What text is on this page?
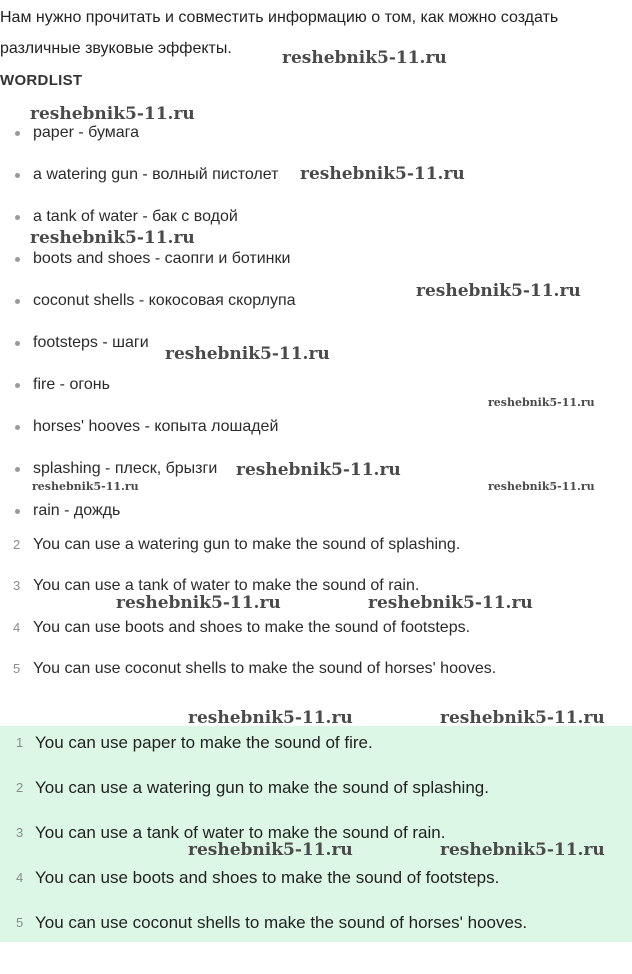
Нам нужно прочитать и совместить информацию о том, как можно создать различные звуковые эффекты.
WORDLIST
paper - бумага
a watering gun - волный пистолет
a tank of water - бак с водой
boots and shoes - саопги и ботинки
coconut shells - кокосовая скорлупа
footsteps - шаги
fire - огонь
horses' hooves - копыта лошадей
splashing - плеск, брызги
rain - дождь
2 You can use a watering gun to make the sound of splashing.
3 You can use a tank of water to make the sound of rain.
4 You can use boots and shoes to make the sound of footsteps.
5 You can use coconut shells to make the sound of horses' hooves.
1 You can use paper to make the sound of fire.
2 You can use a watering gun to make the sound of splashing.
3 You can use a tank of water to make the sound of rain.
4 You can use boots and shoes to make the sound of footsteps.
5 You can use coconut shells to make the sound of horses' hooves.
reshebnik5-11.ru
reshebnik5-11.ru
reshebnik5-11.ru
reshebnik5-11.ru
reshebnik5-11.ru
reshebnik5-11.ru
reshebnik5-11.ru
reshebnik5-11.ru
reshebnik5-11.ru	reshebnik5-11.ru
reshebnik5-11.ru	reshebnik5-11.ru
reshebnik5-11.ru	reshebnik5-11.ru
reshebnik5-11.ru	reshebnik5-11.ru
